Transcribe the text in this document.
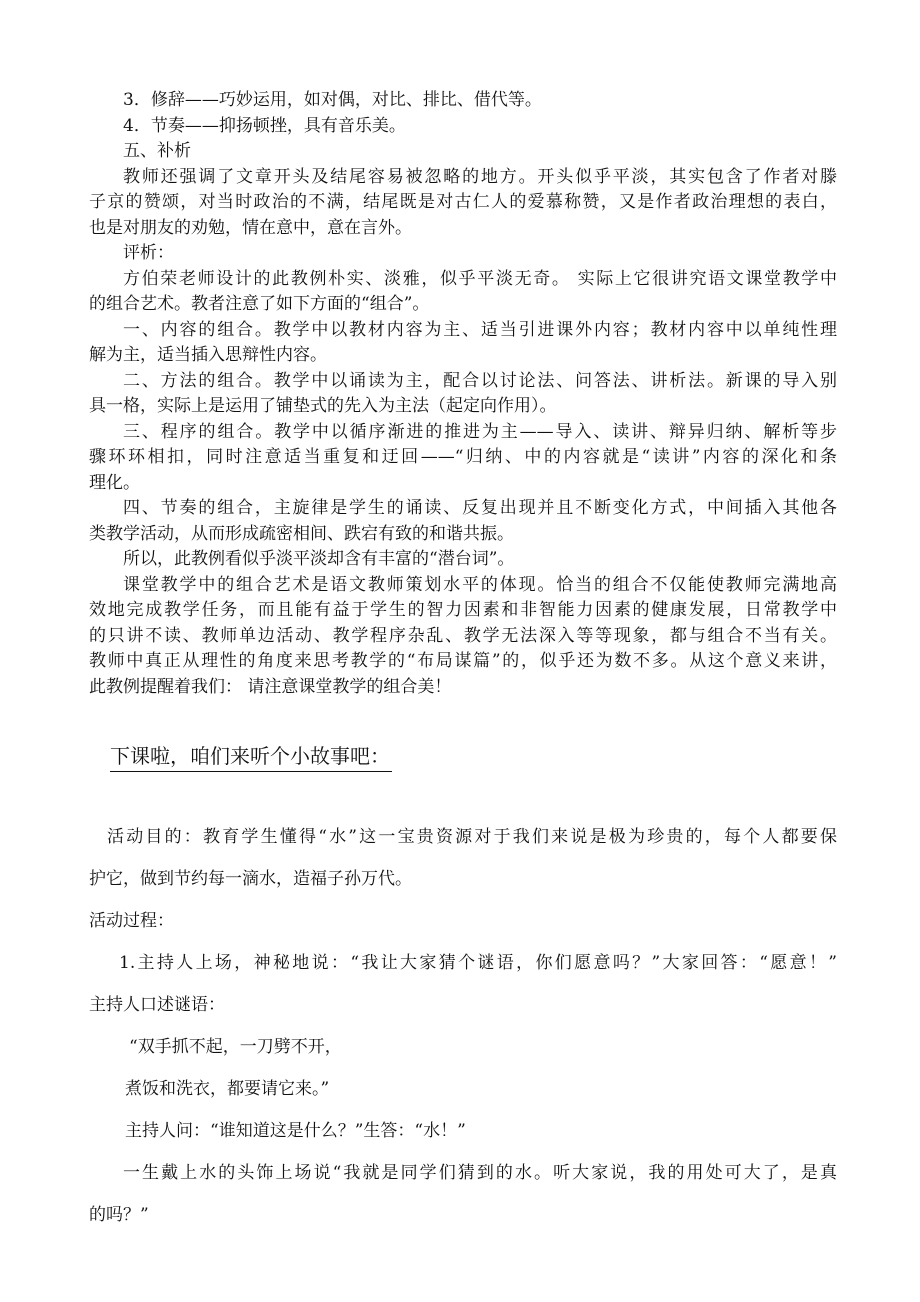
3．修辞——巧妙运用，如对偶，对比、排比、借代等。

4．节奏——抑扬顿挫，具有音乐美。

五、补析

教师还强调了文章开头及结尾容易被忽略的地方。开头似乎平淡，其实包含了作者对滕

子京的赞颂，对当时政治的不满，结尾既是对古仁人的爱慕称赞，又是作者政治理想的表白，

也是对朋友的劝勉，情在意中，意在言外。

评析：

方伯荣老师设计的此教例朴实、淡雅，似乎平淡无奇。 实际上它很讲究语文课堂教学中

的组合艺术。教者注意了如下方面的“组合”。

一、内容的组合。教学中以教材内容为主、适当引进课外内容；教材内容中以单纯性理

解为主，适当插入思辩性内容。

二、方法的组合。教学中以诵读为主，配合以讨论法、问答法、讲析法。新课的导入别

具一格，实际上是运用了铺垫式的先入为主法（起定向作用）。

三、程序的组合。教学中以循序渐进的推进为主——导入、读讲、辩异归纳、解析等步

骤环环相扣，同时注意适当重复和迂回——“归纳、中的内容就是“读讲”内容的深化和条

理化。

四、节奏的组合，主旋律是学生的诵读、反复出现并且不断变化方式，中间插入其他各

类教学活动，从而形成疏密相间、跌宕有致的和谐共振。

所以，此教例看似乎淡平淡却含有丰富的“潜台词”。

课堂教学中的组合艺术是语文教师策划水平的体现。恰当的组合不仅能使教师完满地高

效地完成教学任务，而且能有益于学生的智力因素和非智能力因素的健康发展，日常教学中

的只讲不读、教师单边活动、教学程序杂乱、教学无法深入等等现象，都与组合不当有关。

教师中真正从理性的角度来思考教学的“布局谋篇”的，似乎还为数不多。从这个意义来讲，

此教例提醒着我们： 请注意课堂教学的组合美！

下课啦，咱们来听个小故事吧：

活动目的：教育学生懂得“水”这一宝贵资源对于我们来说是极为珍贵的，每个人都要保

护它，做到节约每一滴水，造福子孙万代。

活动过程：

1.主持人上场，神秘地说：“我让大家猜个谜语，你们愿意吗？”大家回答：“愿意！”

主持人口述谜语：

“双手抓不起，一刀劈不开，

煮饭和洗衣，都要请它来。”

主持人问：“谁知道这是什么？”生答：“水！”

一生戴上水的头饰上场说“我就是同学们猜到的水。听大家说，我的用处可大了，是真

的吗？”
